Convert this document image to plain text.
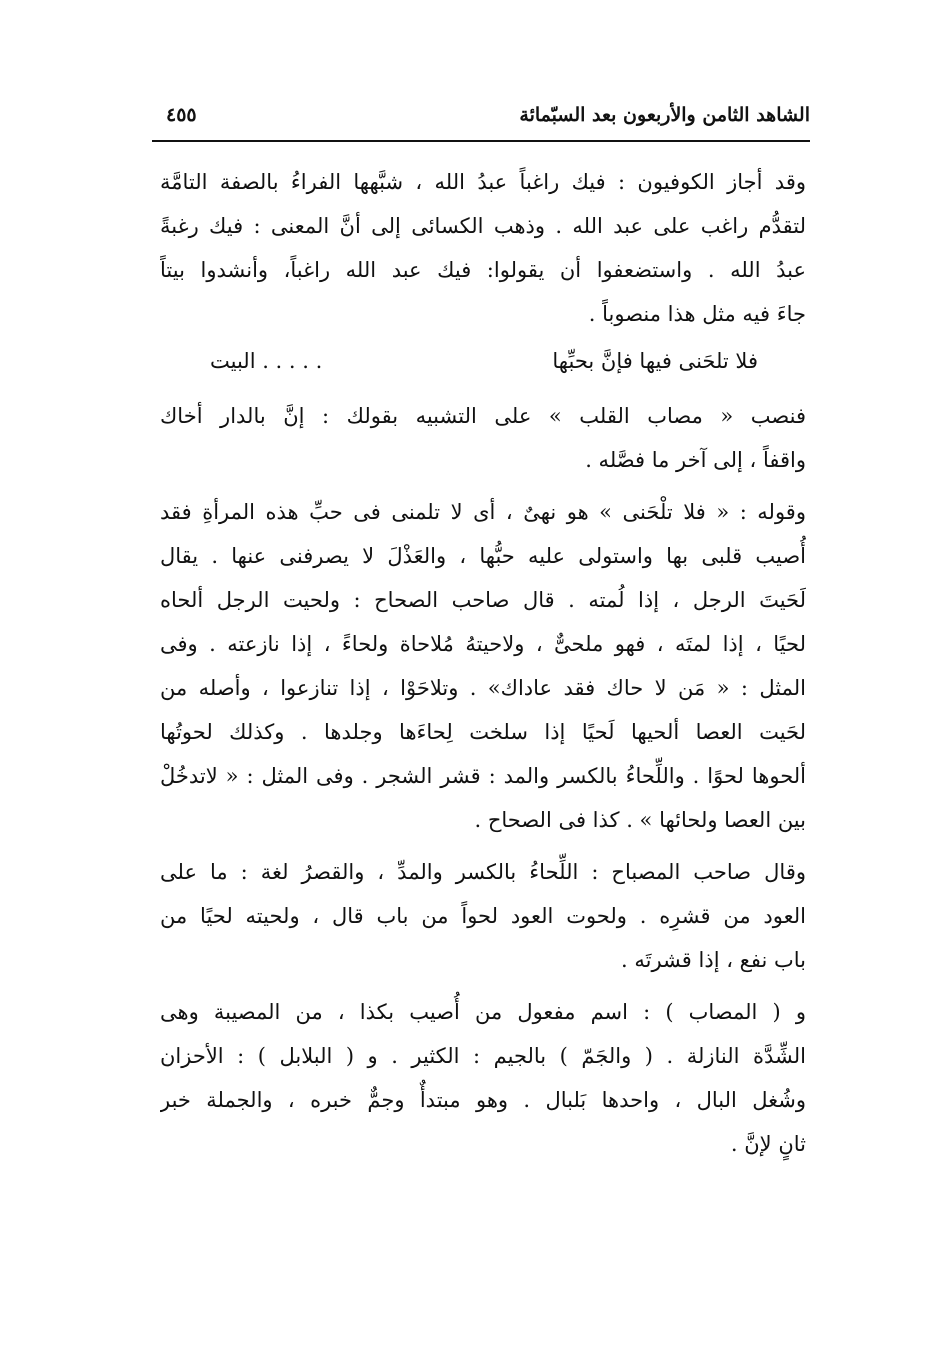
الشاهد الثامن والأربعون بعد السبّمائة
٤٥٥
وقد أجاز الكوفيون : فيك راغباً عبدُ الله ، شبَّهها الفراءُ بالصفة التامَّة
لتقدُّم راغب على عبد الله . وذهب الكسائى إلى أنَّ المعنى : فيك رغبةً
عبدُ الله . واستضعفوا أن يقولوا: فيك عبد الله راغباً، وأنشدوا بيتاً
جاءَ فيه مثل هذا منصوباً .
فلا تلحَنى فيها فإنَّ بحبِّها
. . . . . البيت
فنصب « مصاب القلب » على التشبيه بقولك : إنَّ بالدار أخاك
واقفاً ، إلى آخر ما فصَّله .
وقوله : « فلا تلْحَنى » هو نهىٌ ، أى لا تلمنى فى حبِّ هذه المرأةِ فقد
أُصيب قلبى بها واستولى عليه حبُّها ، والعَذْلَ لا يصرفنى عنها . يقال
لَحَيتَ الرجل ، إذا لُمته . قال صاحب الصحاح : ولحيت الرجل ألحاه
لحيًا ، إذا لمتَه ، فهو ملحىٌّ ، ولاحيتهُ مُلاحاة ولحاءً ، إذا نازعته . وفى
المثل : « مَن لا حاك فقد عاداك» . وتلاحَوْا ، إذا تنازعوا ، وأصله من
لحَيت العصا ألحيها لَحيًا إذا سلخت لِحاءَها وجلدها . وكذلك لحوتُها
ألحوها لحوًا . واللِّحاءُ بالكسر والمد : قشر الشجر . وفى المثل : « لاتدخُلْ
بين العصا ولحائها » . كذا فى الصحاح .
وقال صاحب المصباح : اللِّحاءُ بالكسر والمدِّ ، والقصرُ لغة : ما على
العود من قشرِه . ولحوت العود لحواً من باب قال ، ولحيته لحيًا من
باب نفع ، إذا قشرتَه .
و ( المصاب ) : اسم مفعول من أُصيب بكذا ، من المصيبة وهى
الشِّدَّة النازلة . ( والجَمّ ) بالجيم : الكثير . و ( البلابل ) : الأحزان
وشُغل البال ، واحدها بَلبال . وهو مبتدأٌ وجمٌّ خبره ، والجملة خبر
ثانٍ لإنَّ .
